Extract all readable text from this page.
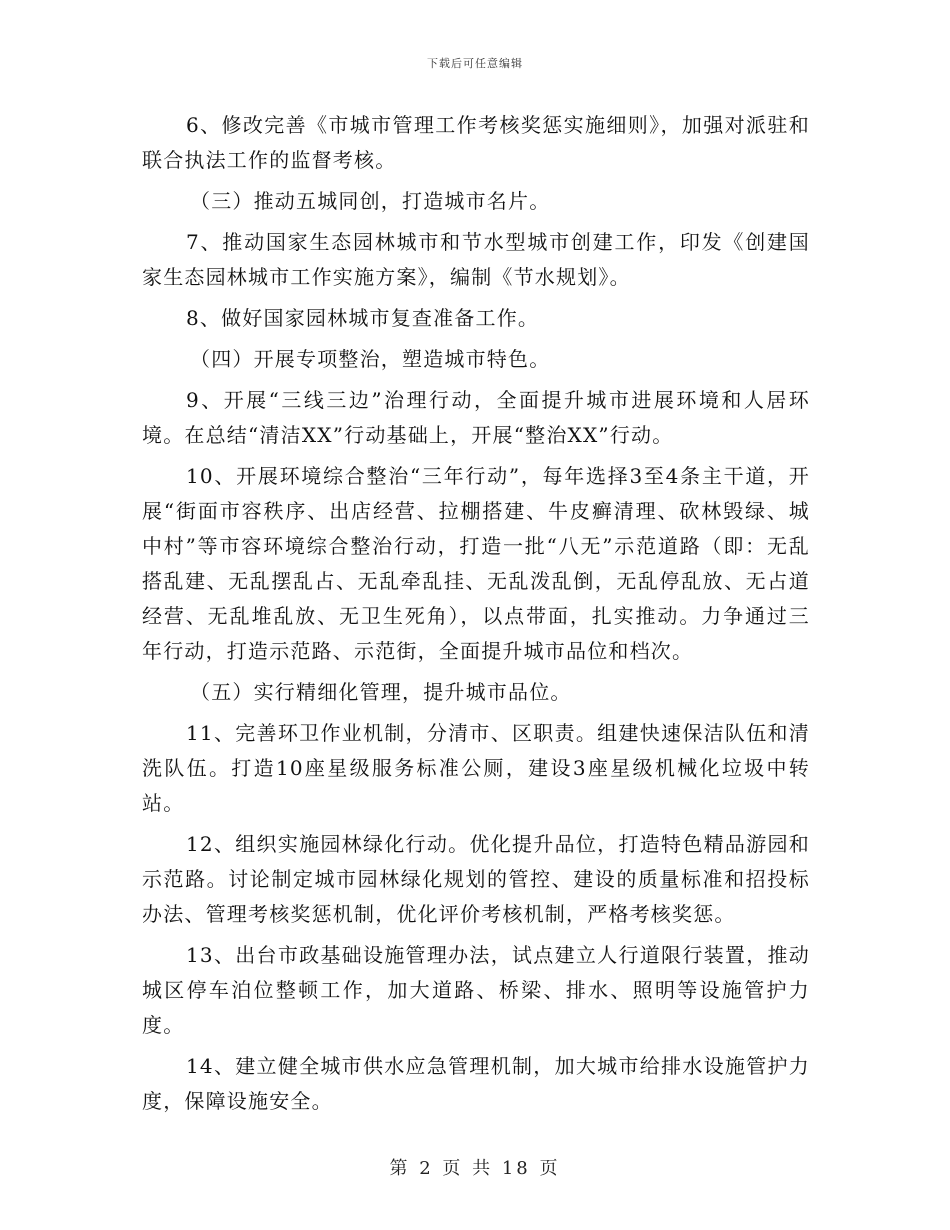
下载后可任意编辑

6、修改完善《市城市管理工作考核奖惩实施细则》，加强对派驻和联合执法工作的监督考核。

（三）推动五城同创，打造城市名片。

7、推动国家生态园林城市和节水型城市创建工作，印发《创建国家生态园林城市工作实施方案》，编制《节水规划》。

8、做好国家园林城市复查准备工作。

（四）开展专项整治，塑造城市特色。

9、开展“三线三边”治理行动，全面提升城市进展环境和人居环境。在总结“清洁XX”行动基础上，开展“整治XX”行动。

10、开展环境综合整治“三年行动”，每年选择3至4条主干道，开展“街面市容秩序、出店经营、拉棚搭建、牛皮癣清理、砍林毁绿、城中村”等市容环境综合整治行动，打造一批“八无”示范道路（即：无乱搭乱建、无乱摆乱占、无乱牵乱挂、无乱泼乱倒，无乱停乱放、无占道经营、无乱堆乱放、无卫生死角），以点带面，扎实推动。力争通过三年行动，打造示范路、示范街，全面提升城市品位和档次。

（五）实行精细化管理，提升城市品位。

11、完善环卫作业机制，分清市、区职责。组建快速保洁队伍和清洗队伍。打造10座星级服务标准公厕，建设3座星级机械化垃圾中转站。

12、组织实施园林绿化行动。优化提升品位，打造特色精品游园和示范路。讨论制定城市园林绿化规划的管控、建设的质量标准和招投标办法、管理考核奖惩机制，优化评价考核机制，严格考核奖惩。

13、出台市政基础设施管理办法，试点建立人行道限行装置，推动城区停车泊位整顿工作，加大道路、桥梁、排水、照明等设施管护力度。

14、建立健全城市供水应急管理机制，加大城市给排水设施管护力度，保障设施安全。

第 2 页 共 18 页
